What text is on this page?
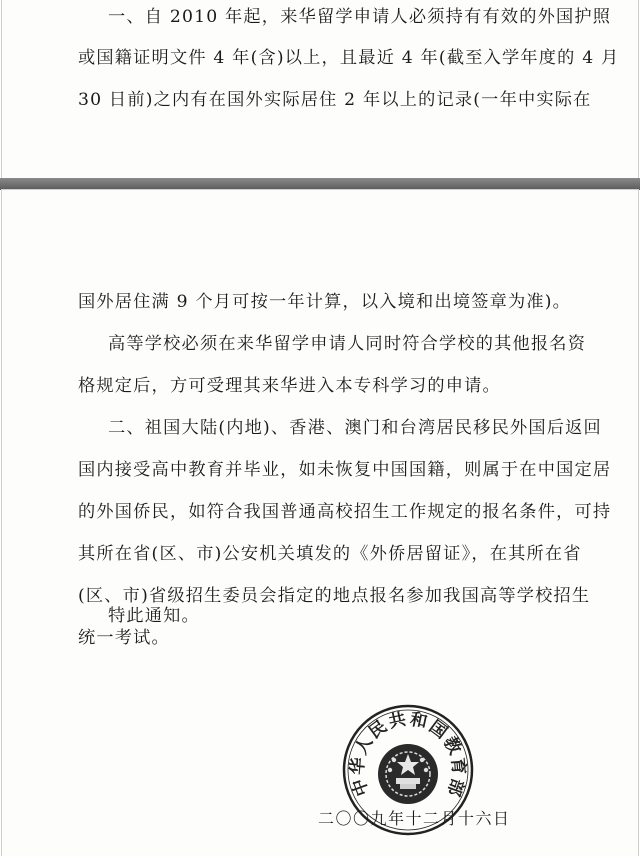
一、自 2010 年起，来华留学申请人必须持有有效的外国护照
或国籍证明文件 4 年(含)以上，且最近 4 年(截至入学年度的 4 月
30 日前)之内有在国外实际居住 2 年以上的记录(一年中实际在
国外居住满 9 个月可按一年计算，以入境和出境签章为准)。
高等学校必须在来华留学申请人同时符合学校的其他报名资
格规定后，方可受理其来华进入本专科学习的申请。
二、祖国大陆(内地)、香港、澳门和台湾居民移民外国后返回
国内接受高中教育并毕业，如未恢复中国国籍，则属于在中国定居
的外国侨民，如符合我国普通高校招生工作规定的报名条件，可持
其所在省(区、市)公安机关填发的《外侨居留证》，在其所在省
(区、市)省级招生委员会指定的地点报名参加我国高等学校招生
统一考试。
特此通知。
中
华
人
民
共 和
国
教
育
部
二〇〇九年十二月十六日
